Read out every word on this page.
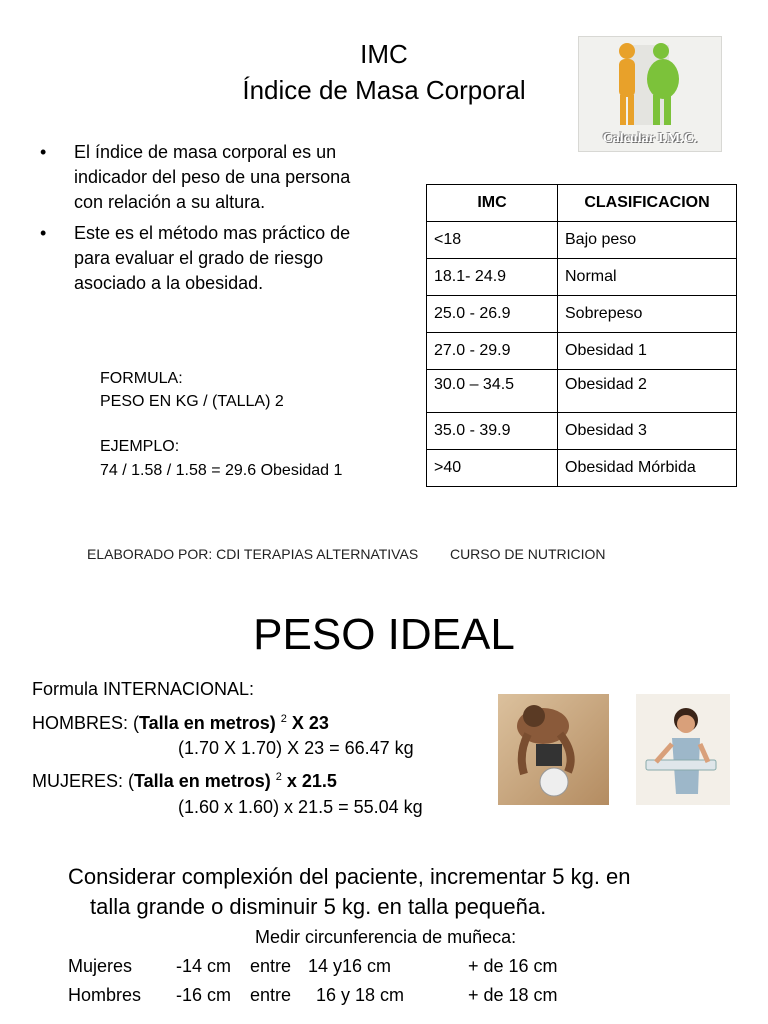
IMC
Índice de Masa Corporal
Calcular I.M.C.
• El índice de masa corporal es un indicador del peso de una persona con relación a su altura.
• Este es el método mas práctico de para evaluar el grado de riesgo asociado a la obesidad.
FORMULA:
PESO EN KG / (TALLA) 2
EJEMPLO:
74 / 1.58 / 1.58 = 29.6 Obesidad 1
IMC	CLASIFICACION
<18	Bajo peso
18.1- 24.9	Normal
25.0 - 26.9	Sobrepeso
27.0 - 29.9	Obesidad 1
30.0 – 34.5	Obesidad 2
35.0 - 39.9	Obesidad 3
>40	Obesidad Mórbida
ELABORADO POR: CDI TERAPIAS ALTERNATIVAS CURSO DE NUTRICION
PESO IDEAL
Formula INTERNACIONAL:
HOMBRES: (Talla en metros) $^2$ X 23
(1.70 X 1.70) X 23 = 66.47 kg
MUJERES: (Talla en metros) $^2$ x 21.5
(1.60 x 1.60) x 21.5 = 55.04 kg
Considerar complexión del paciente, incrementar 5 kg. en
talla grande o disminuir 5 kg. en talla pequeña.
Medir circunferencia de muñeca:
Mujeres -14 cm entre 14 y16 cm	+ de 16 cm
Hombres -16 cm entre 16 y 18 cm	+ de 18 cm
